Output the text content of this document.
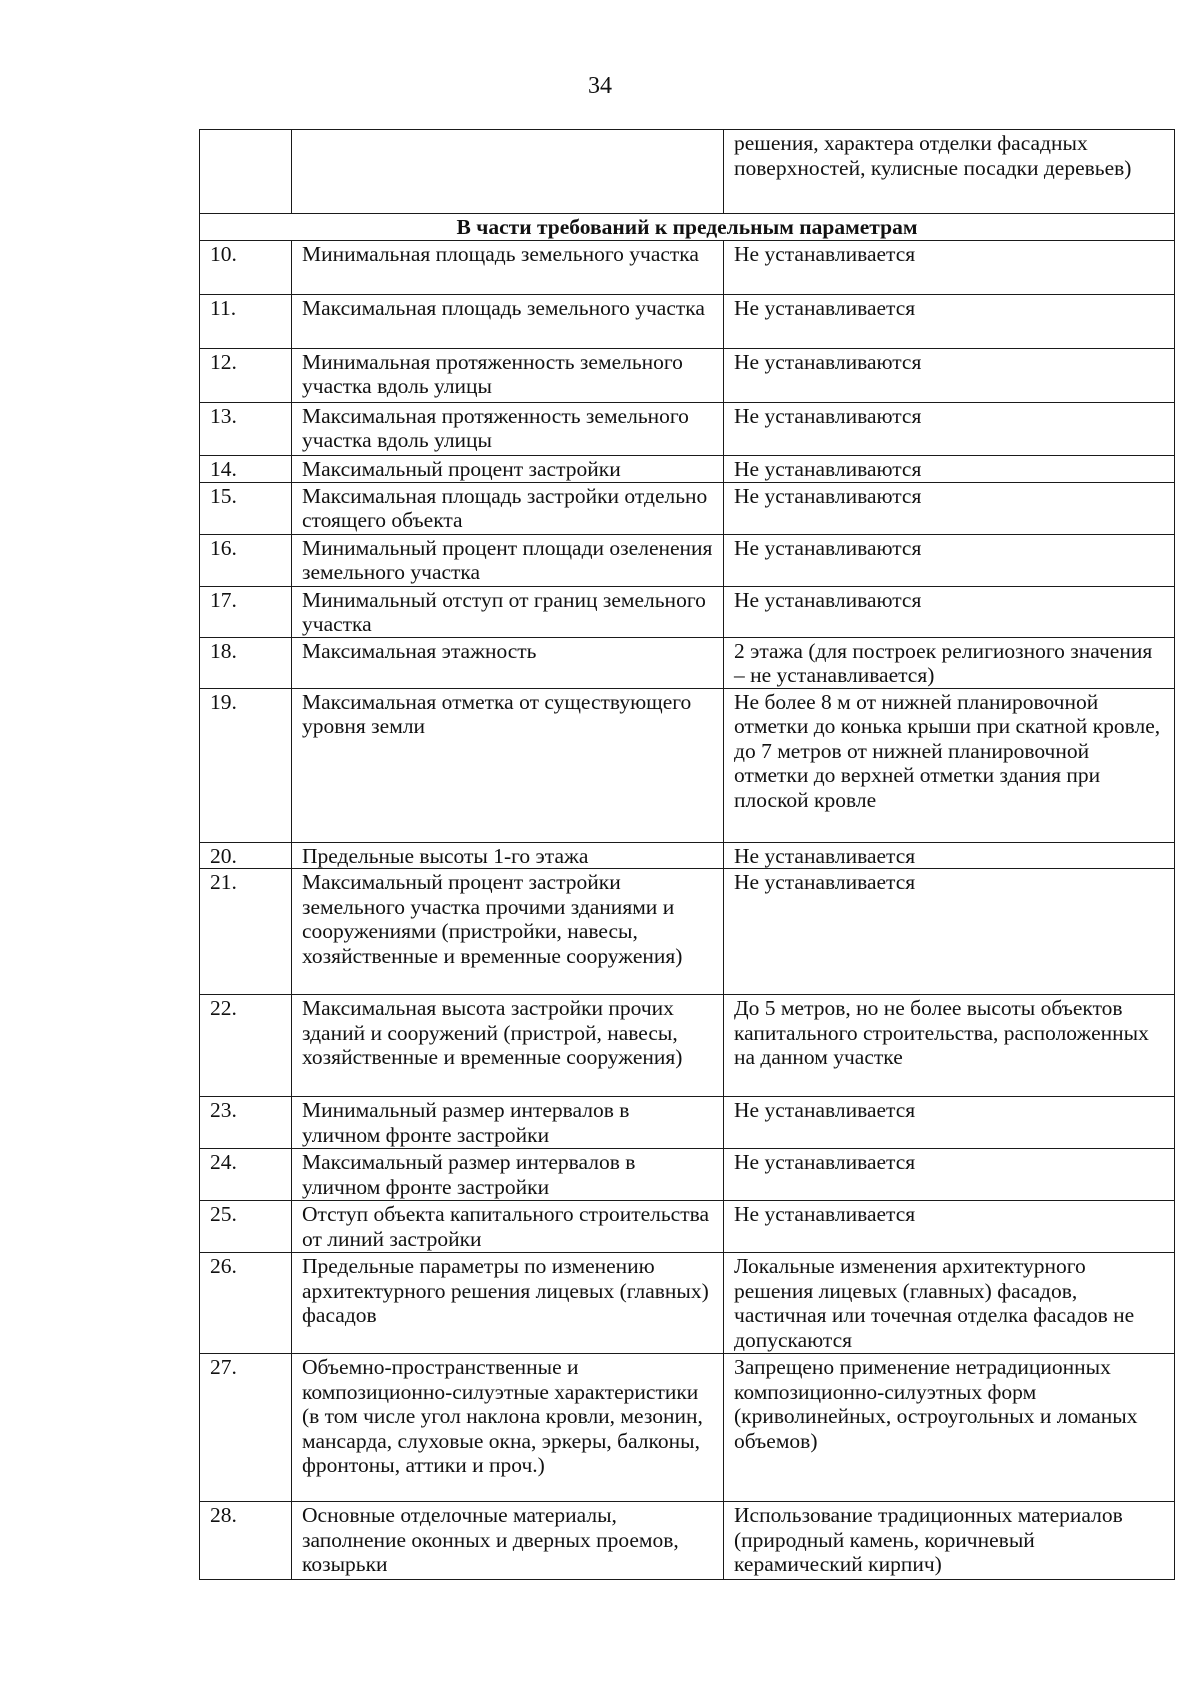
34
		решения, характера отделки фасадных поверхностей, кулисные посадки деревьев)
В части требований к предельным параметрам		
10.	Минимальная площадь земельного участка	Не устанавливается
11.	Максимальная площадь земельного участка	Не устанавливается
12.	Минимальная протяженность земельного участка вдоль улицы	Не устанавливаются
13.	Максимальная протяженность земельного участка вдоль улицы	Не устанавливаются
14.	Максимальный процент застройки	Не устанавливаются
15.	Максимальная площадь застройки отдельно стоящего объекта	Не устанавливаются
16.	Минимальный процент площади озеленения земельного участка	Не устанавливаются
17.	Минимальный отступ от границ земельного участка	Не устанавливаются
18.	Максимальная этажность	2 этажа (для построек религиозного значения – не устанавливается)
19.	Максимальная отметка от существующего уровня земли	Не более 8 м от нижней планировочной отметки до конька крыши при скатной кровле, до 7 метров от нижней планировочной отметки до верхней отметки здания при плоской кровле
20.	Предельные высоты 1-го этажа	Не устанавливается
21.	Максимальный процент застройки земельного участка прочими зданиями и сооружениями (пристройки, навесы, хозяйственные и временные сооружения)	Не устанавливается
22.	Максимальная высота застройки прочих зданий и сооружений (пристрой, навесы, хозяйственные и временные сооружения)	До 5 метров, но не более высоты объектов капитального строительства, расположенных на данном участке
23.	Минимальный размер интервалов в уличном фронте застройки	Не устанавливается
24.	Максимальный размер интервалов в уличном фронте застройки	Не устанавливается
25.	Отступ объекта капитального строительства от линий застройки	Не устанавливается
26.	Предельные параметры по изменению архитектурного решения лицевых (главных) фасадов	Локальные изменения архитектурного решения лицевых (главных) фасадов, частичная или точечная отделка фасадов не допускаются
27.	Объемно-пространственные и композиционно-силуэтные характеристики (в том числе угол наклона кровли, мезонин, мансарда, слуховые окна, эркеры, балконы, фронтоны, аттики и проч.)	Запрещено применение нетрадиционных композиционно-силуэтных форм (криволинейных, остроугольных и ломаных объемов)
28.	Основные отделочные материалы, заполнение оконных и дверных проемов, козырьки	Использование традиционных материалов (природный камень, коричневый керамический кирпич)
